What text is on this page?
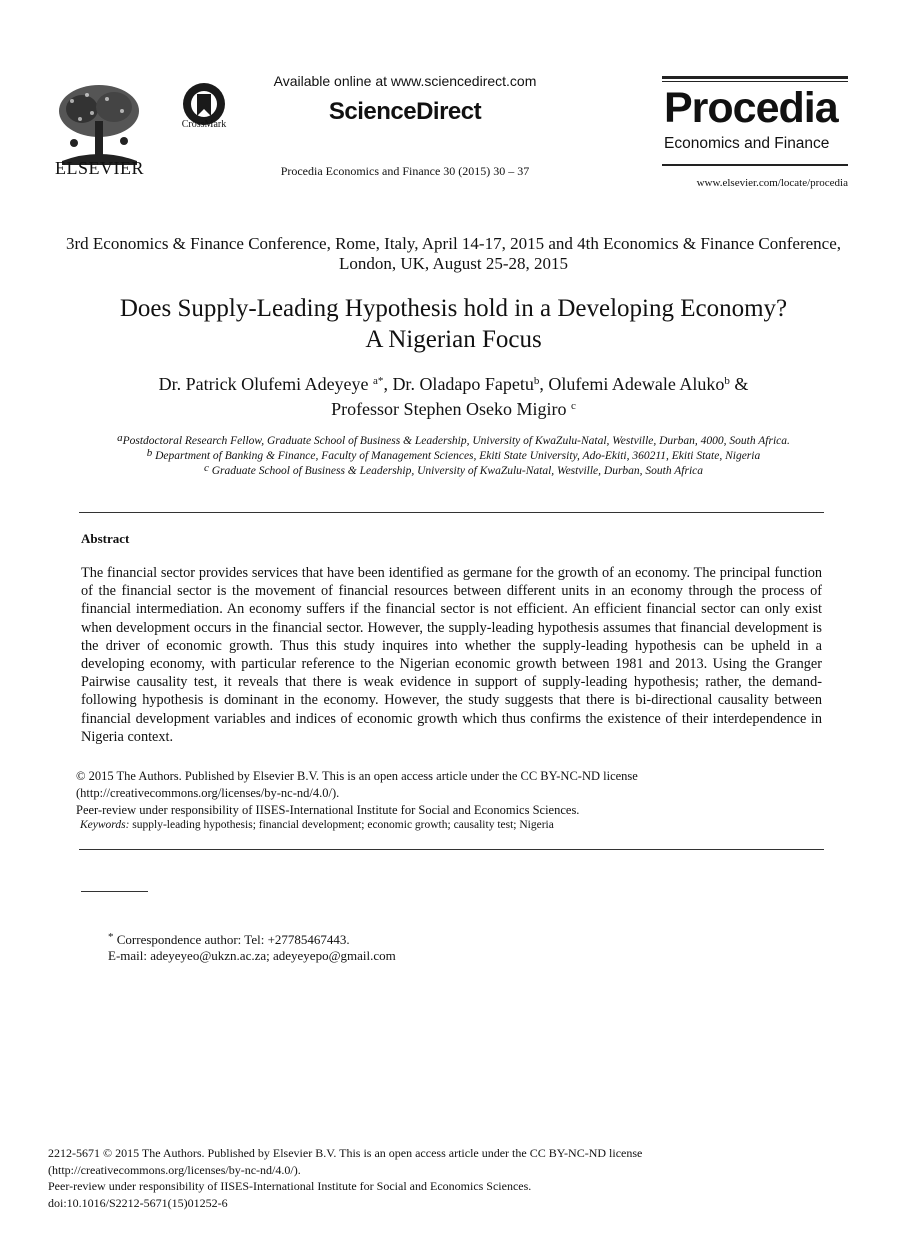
ELSEVIER
CrossMark
Available online at www.sciencedirect.com
ScienceDirect
Procedia Economics and Finance 30 (2015) 30 – 37
Procedia
Economics and Finance
www.elsevier.com/locate/procedia
3rd Economics & Finance Conference, Rome, Italy, April 14-17, 2015 and 4th Economics & Finance Conference, London, UK, August 25-28, 2015
Does Supply-Leading Hypothesis hold in a Developing Economy?
A Nigerian Focus
Dr. Patrick Olufemi Adeyeye $^{a*}$, Dr. Oladapo Fapetu$^b$, Olufemi Adewale Aluko$^b$ &
Professor Stephen Oseko Migiro $^c$
$^a$Postdoctoral Research Fellow, Graduate School of Business & Leadership, University of KwaZulu-Natal, Westville, Durban, 4000, South Africa.
$^b$ Department of Banking & Finance, Faculty of Management Sciences, Ekiti State University, Ado-Ekiti, 360211, Ekiti State, Nigeria
$^c$ Graduate School of Business & Leadership, University of KwaZulu-Natal, Westville, Durban, South Africa
Abstract
The financial sector provides services that have been identified as germane for the growth of an economy. The principal function of the financial sector is the movement of financial resources between different units in an economy through the process of financial intermediation. An economy suffers if the financial sector is not efficient. An efficient financial sector can only exist when development occurs in the financial sector. However, the supply-leading hypothesis assumes that financial development is the driver of economic growth. Thus this study inquires into whether the supply-leading hypothesis can be upheld in a developing economy, with particular reference to the Nigerian economic growth between 1981 and 2013. Using the Granger Pairwise causality test, it reveals that there is weak evidence in support of supply-leading hypothesis; rather, the demand-following hypothesis is dominant in the economy. However, the study suggests that there is bi-directional causality between financial development variables and indices of economic growth which thus confirms the existence of their interdependence in Nigeria context.
© 2015 The Authors. Published by Elsevier B.V. This is an open access article under the CC BY-NC-ND license
(http://creativecommons.org/licenses/by-nc-nd/4.0/).
Peer-review under responsibility of IISES-International Institute for Social and Economics Sciences.
Keywords: supply-leading hypothesis; financial development; economic growth; causality test; Nigeria
* Correspondence author: Tel: +27785467443.
E-mail: adeyeyeo@ukzn.ac.za; adeyeyepo@gmail.com
2212-5671 © 2015 The Authors. Published by Elsevier B.V. This is an open access article under the CC BY-NC-ND license
(http://creativecommons.org/licenses/by-nc-nd/4.0/).
Peer-review under responsibility of IISES-International Institute for Social and Economics Sciences.
doi:10.1016/S2212-5671(15)01252-6
